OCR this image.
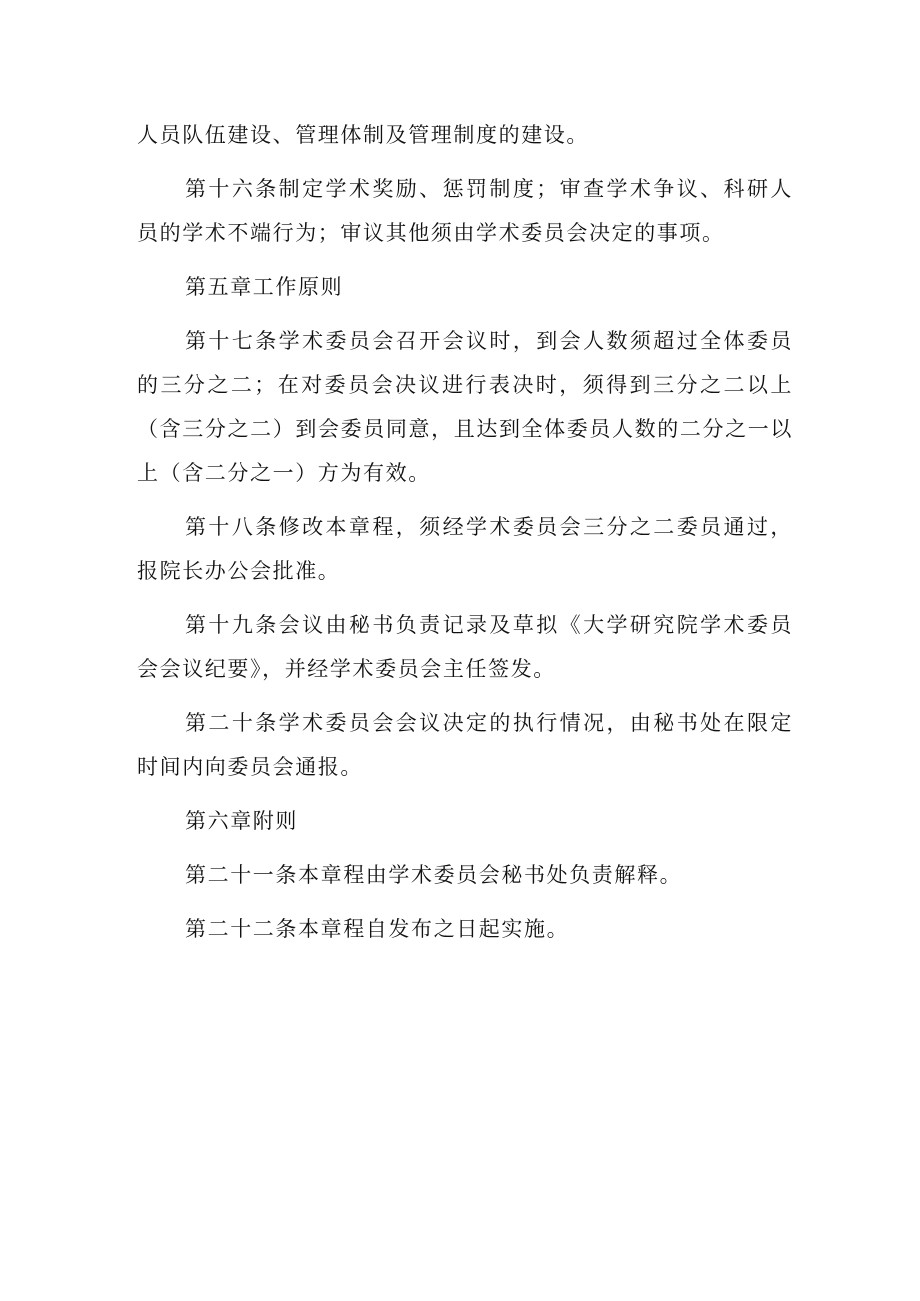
人员队伍建设、管理体制及管理制度的建设。

第十六条制定学术奖励、惩罚制度；审查学术争议、科研人员的学术不端行为；审议其他须由学术委员会决定的事项。

第五章工作原则

第十七条学术委员会召开会议时，到会人数须超过全体委员的三分之二；在对委员会决议进行表决时，须得到三分之二以上（含三分之二）到会委员同意，且达到全体委员人数的二分之一以上（含二分之一）方为有效。

第十八条修改本章程，须经学术委员会三分之二委员通过，报院长办公会批准。

第十九条会议由秘书负责记录及草拟《大学研究院学术委员会会议纪要》，并经学术委员会主任签发。

第二十条学术委员会会议决定的执行情况，由秘书处在限定时间内向委员会通报。

第六章附则

第二十一条本章程由学术委员会秘书处负责解释。

第二十二条本章程自发布之日起实施。
